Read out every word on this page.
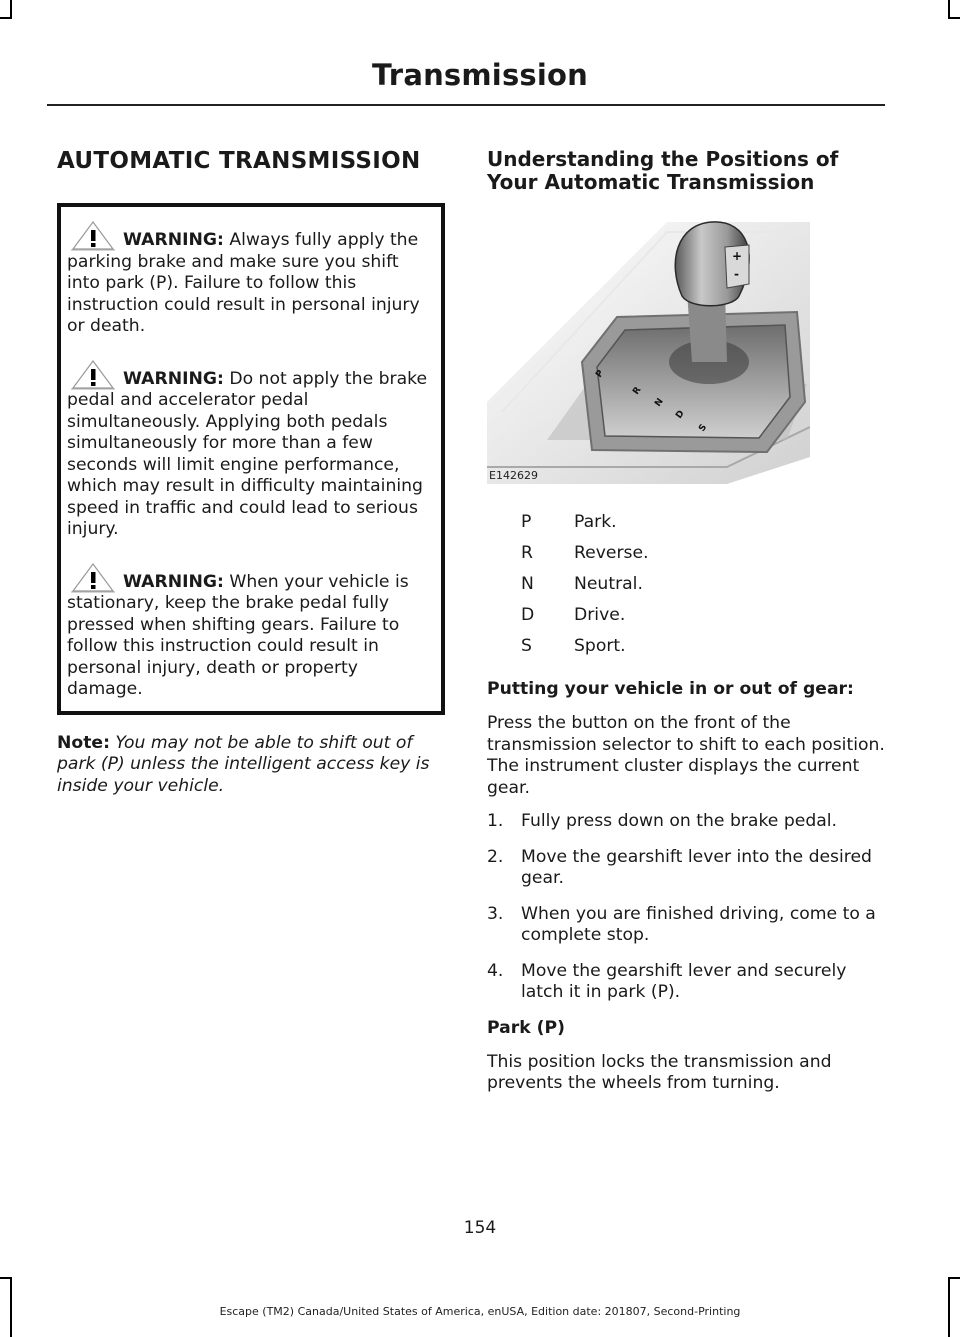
Transmission
AUTOMATIC TRANSMISSION

WARNING: Always fully apply the parking brake and make sure you shift into park (P). Failure to follow this instruction could result in personal injury or death.

WARNING: Do not apply the brake pedal and accelerator pedal simultaneously. Applying both pedals simultaneously for more than a few seconds will limit engine performance, which may result in difficulty maintaining speed in traffic and could lead to serious injury.

WARNING: When your vehicle is stationary, keep the brake pedal fully pressed when shifting gears. Failure to follow this instruction could result in personal injury, death or property damage.

Note: You may not be able to shift out of park (P) unless the intelligent access key is inside your vehicle.
Understanding the Positions of Your Automatic Transmission
+
-
P
R
N
D
S
E142629
P	Park.
R	Reverse.
N	Neutral.
D	Drive.
S	Sport.
Putting your vehicle in or out of gear:

Press the button on the front of the transmission selector to shift to each position. The instrument cluster displays the current gear.

1.	Fully press down on the brake pedal.
2.	Move the gearshift lever into the desired gear.
3.	When you are finished driving, come to a complete stop.
4.	Move the gearshift lever and securely latch it in park (P).
Park (P)

This position locks the transmission and prevents the wheels from turning.

154
Escape (TM2) Canada/United States of America, enUSA, Edition date: 201807, Second-Printing
